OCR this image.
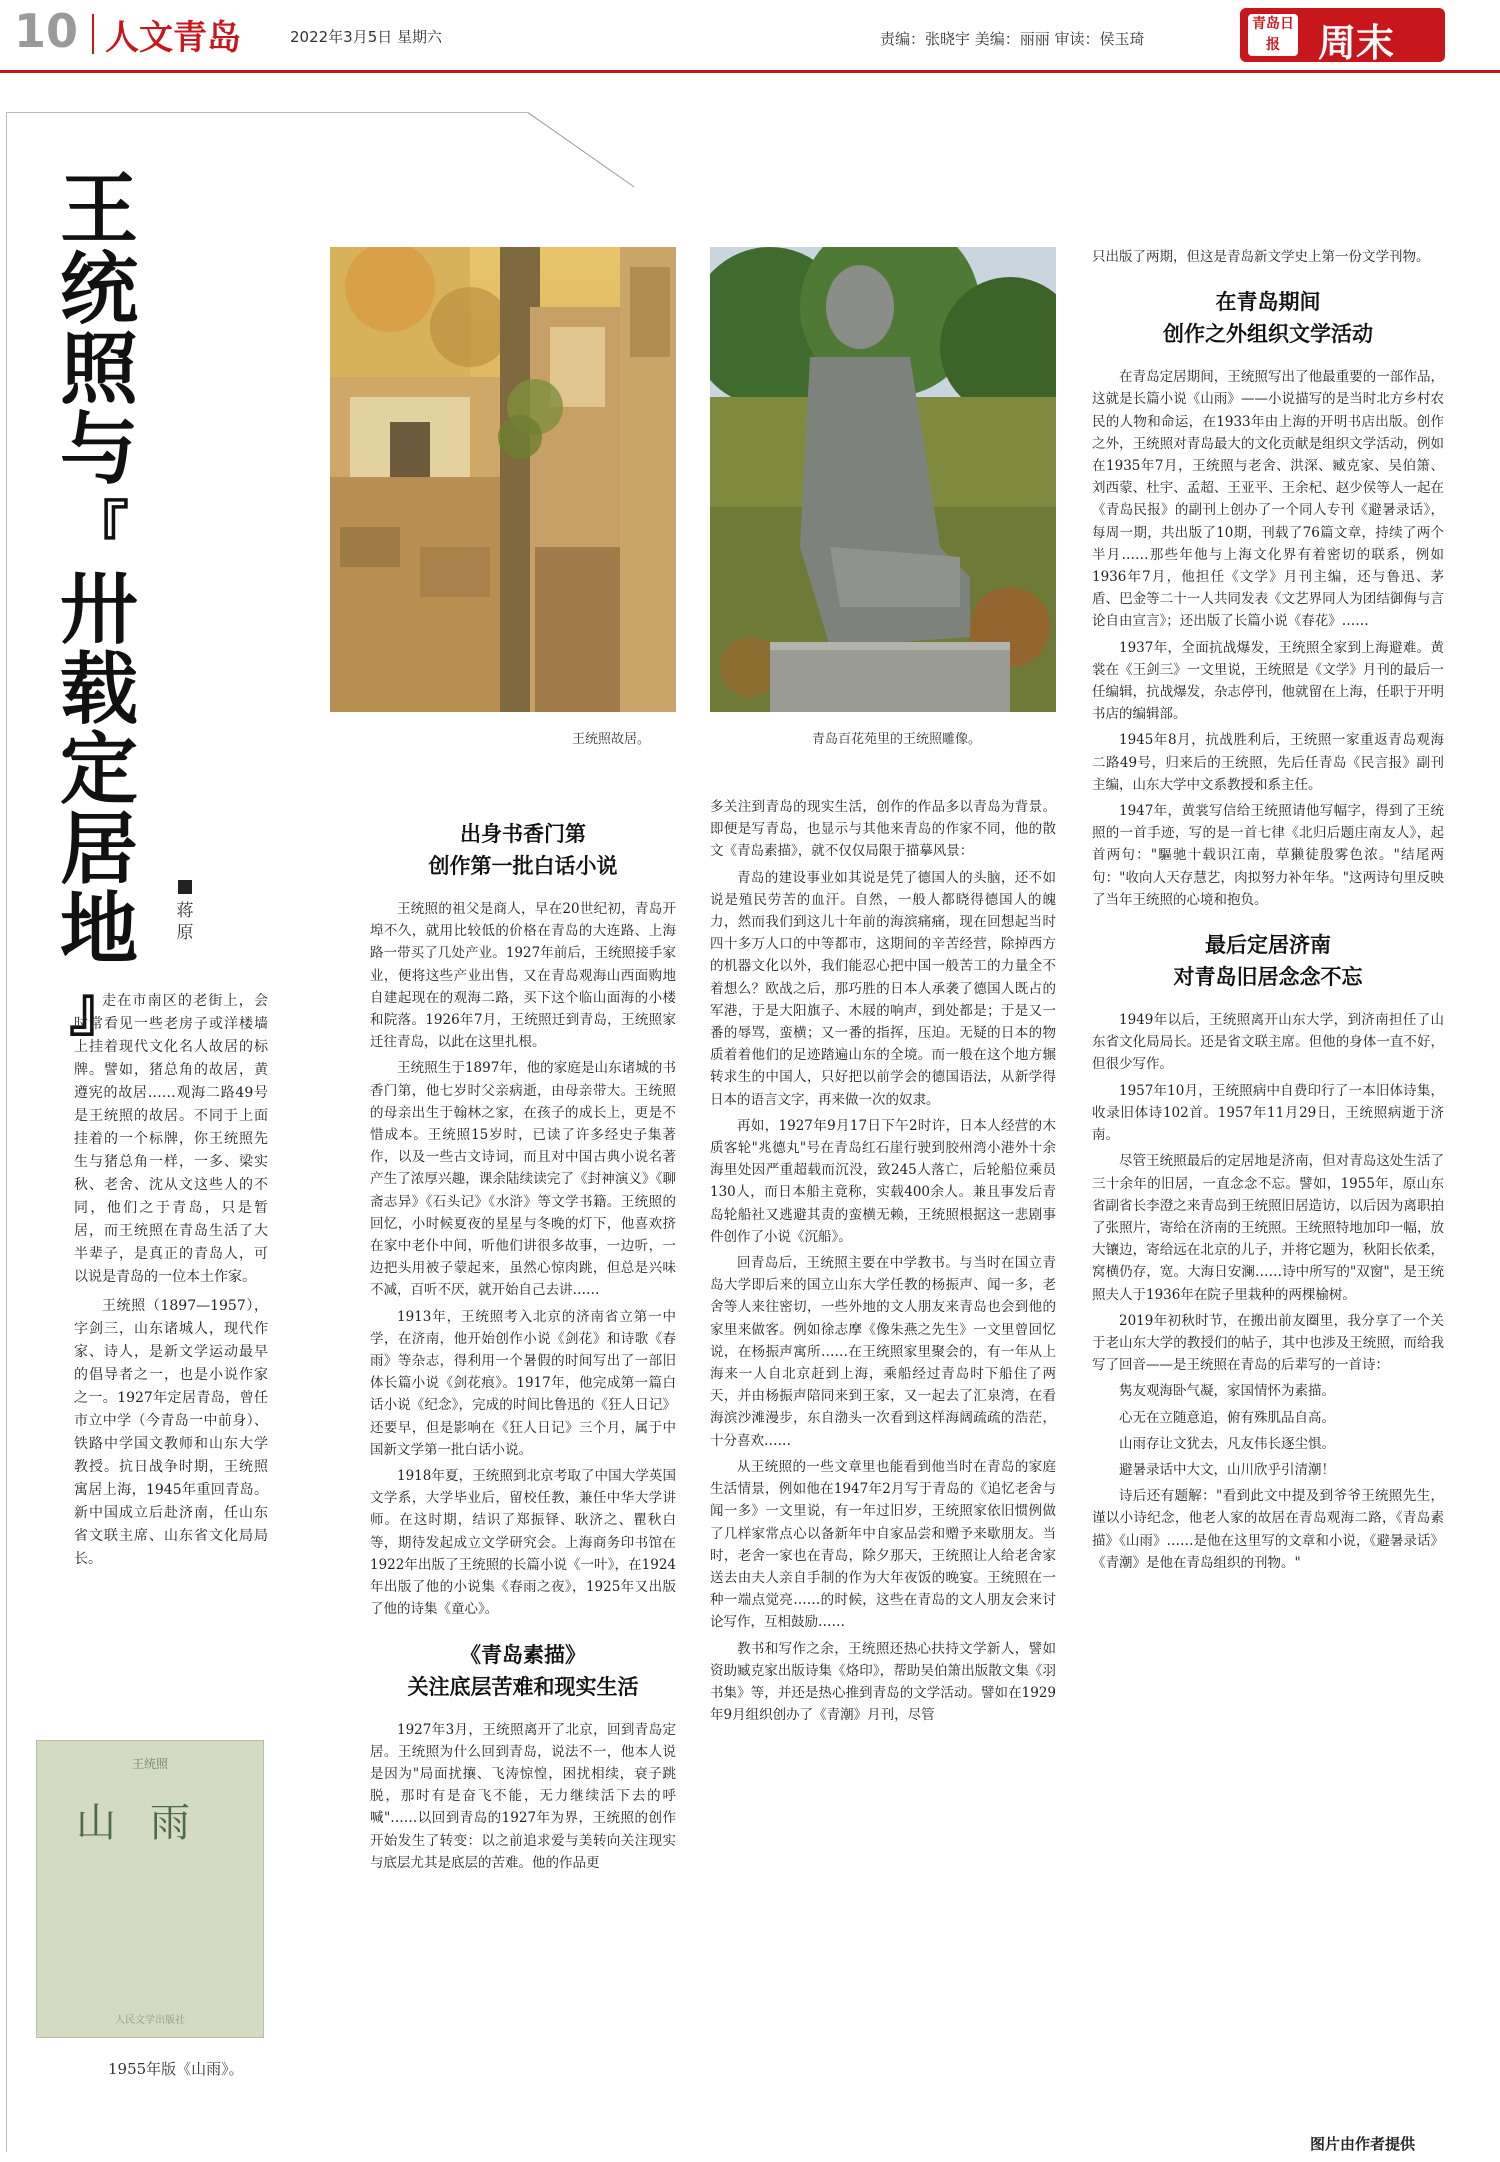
10 人文青岛	2022年3月5日 星期六	责编：张晓宇 美编：丽丽 审读：侯玉琦
青岛日报	周末
王
统
照
与
『
卅
载
定
居
地
』
蒋原

走在市南区的老街上，会时常看见一些老房子或洋楼墙上挂着现代文化名人故居的标牌。譬如，猪总角的故居，黄遵宪的故居……观海二路49号是王统照的故居。不同于上面挂着的一个标牌，你王统照先生与猪总角一样，一多、梁实秋、老舍、沈从文这些人的不同，他们之于青岛，只是暂居，而王统照在青岛生活了大半辈子，是真正的青岛人，可以说是青岛的一位本土作家。

王统照（1897—1957），字剑三，山东诸城人，现代作家、诗人，是新文学运动最早的倡导者之一，也是小说作家之一。1927年定居青岛，曾任市立中学（今青岛一中前身）、铁路中学国文教师和山东大学教授。抗日战争时期，王统照寓居上海，1945年重回青岛。新中国成立后赴济南，任山东省文联主席、山东省文化局局长。

王统照
山雨
人民文学出版社
1955年版《山雨》。
王统照故居。	青岛百花苑里的王统照雕像。
出身书香门第
创作第一批白话小说

王统照的祖父是商人，早在20世纪初，青岛开埠不久，就用比较低的价格在青岛的大连路、上海路一带买了几处产业。1927年前后，王统照接手家业，便将这些产业出售，又在青岛观海山西面购地自建起现在的观海二路，买下这个临山面海的小楼和院落。1926年7月，王统照迁到青岛，王统照家迁往青岛，以此在这里扎根。

王统照生于1897年，他的家庭是山东诸城的书香门第，他七岁时父亲病逝，由母亲带大。王统照的母亲出生于翰林之家，在孩子的成长上，更是不惜成本。王统照15岁时，已读了许多经史子集著作，以及一些古文诗词，而且对中国古典小说名著产生了浓厚兴趣，课余陆续读完了《封神演义》《聊斋志异》《石头记》《水浒》等文学书籍。王统照的回忆，小时候夏夜的星星与冬晚的灯下，他喜欢挤在家中老仆中间，听他们讲很多故事，一边听，一边把头用被子蒙起来，虽然心惊肉跳，但总是兴味不减，百听不厌，就开始自己去讲……

1913年，王统照考入北京的济南省立第一中学，在济南，他开始创作小说《剑花》和诗歌《春雨》等杂志，得利用一个暑假的时间写出了一部旧体长篇小说《剑花痕》。1917年，他完成第一篇白话小说《纪念》，完成的时间比鲁迅的《狂人日记》还要早，但是影响在《狂人日记》三个月，属于中国新文学第一批白话小说。

1918年夏，王统照到北京考取了中国大学英国文学系，大学毕业后，留校任教，兼任中华大学讲师。在这时期，结识了郑振铎、耿济之、瞿秋白等，期待发起成立文学研究会。上海商务印书馆在1922年出版了王统照的长篇小说《一叶》，在1924年出版了他的小说集《春雨之夜》，1925年又出版了他的诗集《童心》。

《青岛素描》
关注底层苦难和现实生活

1927年3月，王统照离开了北京，回到青岛定居。王统照为什么回到青岛，说法不一，他本人说是因为"局面扰攘、飞涛惊惶，困扰相续，衰子跳脱，那时有是奋飞不能，无力继续活下去的呼喊"……以回到青岛的1927年为界，王统照的创作开始发生了转变：以之前追求爱与美转向关注现实与底层尤其是底层的苦难。他的作品更

多关注到青岛的现实生活，创作的作品多以青岛为背景。即便是写青岛，也显示与其他来青岛的作家不同，他的散文《青岛素描》，就不仅仅局限于描摹风景：

青岛的建设事业如其说是凭了德国人的头脑，还不如说是殖民劳苦的血汗。自然，一般人都晓得德国人的魄力，然而我们到这儿十年前的海滨痛痛，现在回想起当时四十多万人口的中等都市，这期间的辛苦经营，除掉西方的机器文化以外，我们能忍心把中国一般苦工的力量全不着想么？欧战之后，那巧胜的日本人承袭了德国人既占的军港，于是大阳旗子、木屐的响声，到处都是；于是又一番的辱骂，蛮横；又一番的指挥，压迫。无疑的日本的物质着着他们的足迹踏遍山东的全境。而一般在这个地方辗转求生的中国人，只好把以前学会的德国语法，从新学得日本的语言文字，再来做一次的奴隶。

再如，1927年9月17日下午2时许，日本人经营的木质客轮"兆德丸"号在青岛红石崖行驶到胶州湾小港外十余海里处因严重超载而沉没，致245人落亡，后轮船位乘员130人，而日本船主竟称，实载400余人。兼且事发后青岛轮船社又逃避其责的蛮横无赖，王统照根据这一悲剧事件创作了小说《沉船》。

回青岛后，王统照主要在中学教书。与当时在国立青岛大学即后来的国立山东大学任教的杨振声、闻一多，老舍等人来往密切，一些外地的文人朋友来青岛也会到他的家里来做客。例如徐志摩《像朱燕之先生》一文里曾回忆说，在杨振声寓所……在王统照家里聚会的，有一年从上海来一人自北京赶到上海，乘船经过青岛时下船住了两天，并由杨振声陪同来到王家，又一起去了汇泉湾，在看海滨沙滩漫步，东自渤头一次看到这样海阔疏疏的浩茫，十分喜欢……

从王统照的一些文章里也能看到他当时在青岛的家庭生活情景，例如他在1947年2月写于青岛的《追忆老舍与闻一多》一文里说，有一年过旧岁，王统照家依旧惯例做了几样家常点心以备新年中自家品尝和赠予来歇朋友。当时，老舍一家也在青岛，除夕那天，王统照让人给老舍家送去由夫人亲自手制的作为大年夜饭的晚宴。王统照在一种一端点觉亮……的时候，这些在青岛的文人朋友会来讨论写作，互相鼓励……

教书和写作之余，王统照还热心扶持文学新人，譬如资助臧克家出版诗集《烙印》，帮助吴伯箫出版散文集《羽书集》等，并还是热心推到青岛的文学活动。譬如在1929年9月组织创办了《青潮》月刊，尽管

只出版了两期，但这是青岛新文学史上第一份文学刊物。

在青岛期间
创作之外组织文学活动

在青岛定居期间，王统照写出了他最重要的一部作品，这就是长篇小说《山雨》——小说描写的是当时北方乡村农民的人物和命运，在1933年由上海的开明书店出版。创作之外，王统照对青岛最大的文化贡献是组织文学活动，例如在1935年7月，王统照与老舍、洪深、臧克家、吴伯箫、刘西蒙、杜宇、孟超、王亚平、王余杞、赵少侯等人一起在《青岛民报》的副刊上创办了一个同人专刊《避暑录话》，每周一期，共出版了10期，刊载了76篇文章，持续了两个半月……那些年他与上海文化界有着密切的联系，例如1936年7月，他担任《文学》月刊主编，还与鲁迅、茅盾、巴金等二十一人共同发表《文艺界同人为团结御侮与言论自由宣言》；还出版了长篇小说《春花》……

1937年，全面抗战爆发，王统照全家到上海避难。黄裳在《王剑三》一文里说，王统照是《文学》月刊的最后一任编辑，抗战爆发，杂志停刊，他就留在上海，任职于开明书店的编辑部。

1945年8月，抗战胜利后，王统照一家重返青岛观海二路49号，归来后的王统照，先后任青岛《民言报》副刊主编，山东大学中文系教授和系主任。

1947年，黄裳写信给王统照请他写幅字，得到了王统照的一首手迹，写的是一首七律《北归后题庄南友人》，起首两句："驅驰十载识江南，草獭徒殷雾色浓。"结尾两句："收向人天存慧艺，肉拟努力补年华。"这两诗句里反映了当年王统照的心境和抱负。

最后定居济南
对青岛旧居念念不忘

1949年以后，王统照离开山东大学，到济南担任了山东省文化局局长。还是省文联主席。但他的身体一直不好，但很少写作。

1957年10月，王统照病中自费印行了一本旧体诗集，收录旧体诗102首。1957年11月29日，王统照病逝于济南。

尽管王统照最后的定居地是济南，但对青岛这处生活了三十余年的旧居，一直念念不忘。譬如，1955年，原山东省副省长李澄之来青岛到王统照旧居造访，以后因为离职拍了张照片，寄给在济南的王统照。王统照特地加印一幅，放大镶边，寄给远在北京的儿子，并将它题为，秋阳长依柔，窝横仍存，宽。大海日安澜……诗中所写的"双窗"，是王统照夫人于1936年在院子里栽种的两棵榆树。

2019年初秋时节，在搬出前友圈里，我分享了一个关于老山东大学的教授们的帖子，其中也涉及王统照，而给我写了回音——是王统照在青岛的后辈写的一首诗：

隽友观海卧气凝，家国情怀为素描。

心无在立随意追，俯有殊肌品自高。

山雨存让文犹去，凡友伟长逐尘惧。

避暑录话中大文，山川欣乎引清潮！

诗后还有题解："看到此文中提及到爷爷王统照先生，谨以小诗纪念，他老人家的故居在青岛观海二路，《青岛素描》《山雨》……是他在这里写的文章和小说，《避暑录话》《青潮》是他在青岛组织的刊物。"

图片由作者提供
